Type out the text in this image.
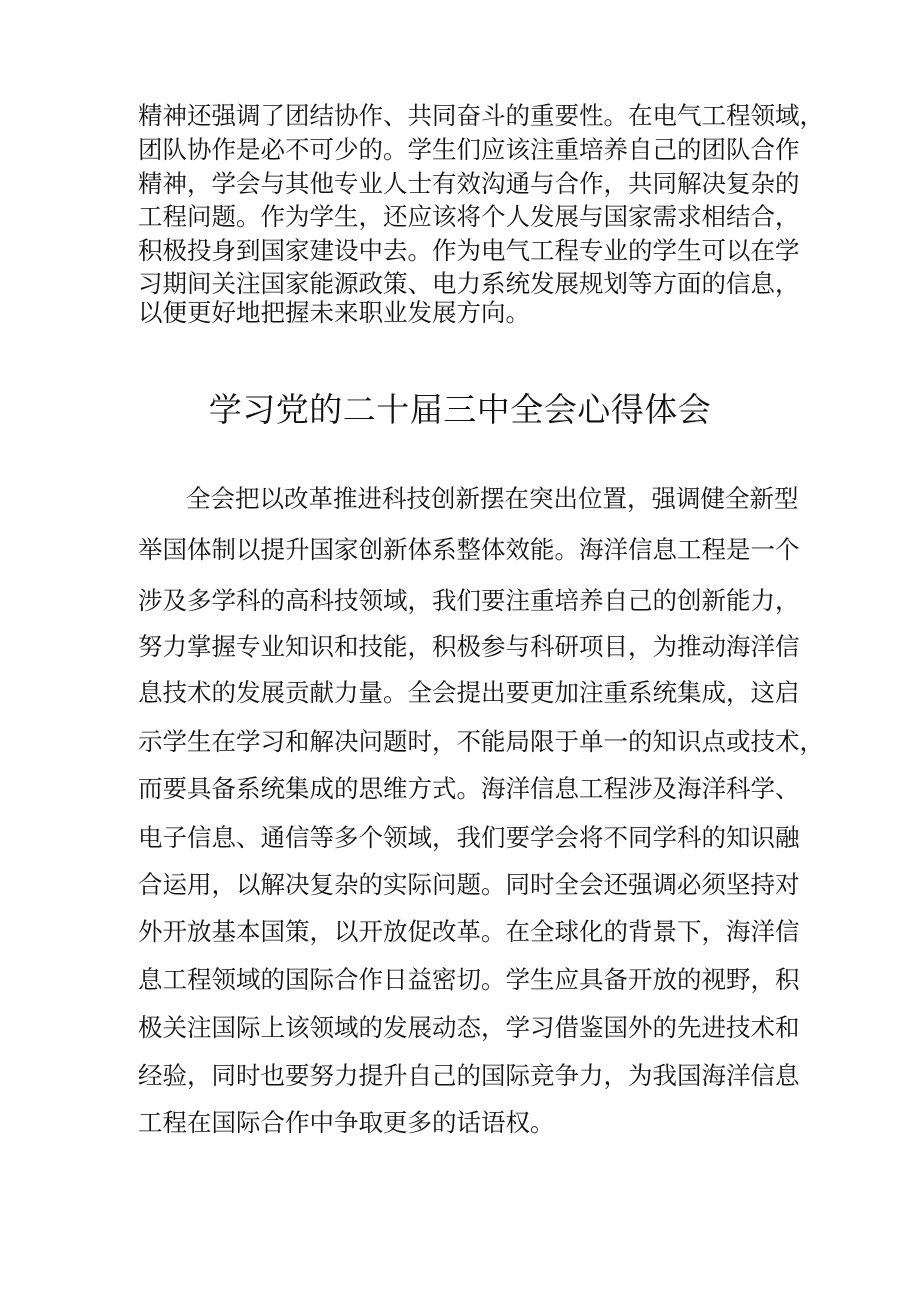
精神还强调了团结协作、共同奋斗的重要性。在电气工程领域，
团队协作是必不可少的。学生们应该注重培养自己的团队合作
精神，学会与其他专业人士有效沟通与合作，共同解决复杂的
工程问题。作为学生，还应该将个人发展与国家需求相结合，
积极投身到国家建设中去。作为电气工程专业的学生可以在学
习期间关注国家能源政策、电力系统发展规划等方面的信息，
以便更好地把握未来职业发展方向。
学习党的二十届三中全会心得体会
全会把以改革推进科技创新摆在突出位置，强调健全新型
举国体制以提升国家创新体系整体效能。海洋信息工程是一个
涉及多学科的高科技领域，我们要注重培养自己的创新能力，
努力掌握专业知识和技能，积极参与科研项目，为推动海洋信
息技术的发展贡献力量。全会提出要更加注重系统集成，这启
示学生在学习和解决问题时，不能局限于单一的知识点或技术，
而要具备系统集成的思维方式。海洋信息工程涉及海洋科学、
电子信息、通信等多个领域，我们要学会将不同学科的知识融
合运用，以解决复杂的实际问题。同时全会还强调必须坚持对
外开放基本国策，以开放促改革。在全球化的背景下，海洋信
息工程领域的国际合作日益密切。学生应具备开放的视野，积
极关注国际上该领域的发展动态，学习借鉴国外的先进技术和
经验，同时也要努力提升自己的国际竞争力，为我国海洋信息
工程在国际合作中争取更多的话语权。
